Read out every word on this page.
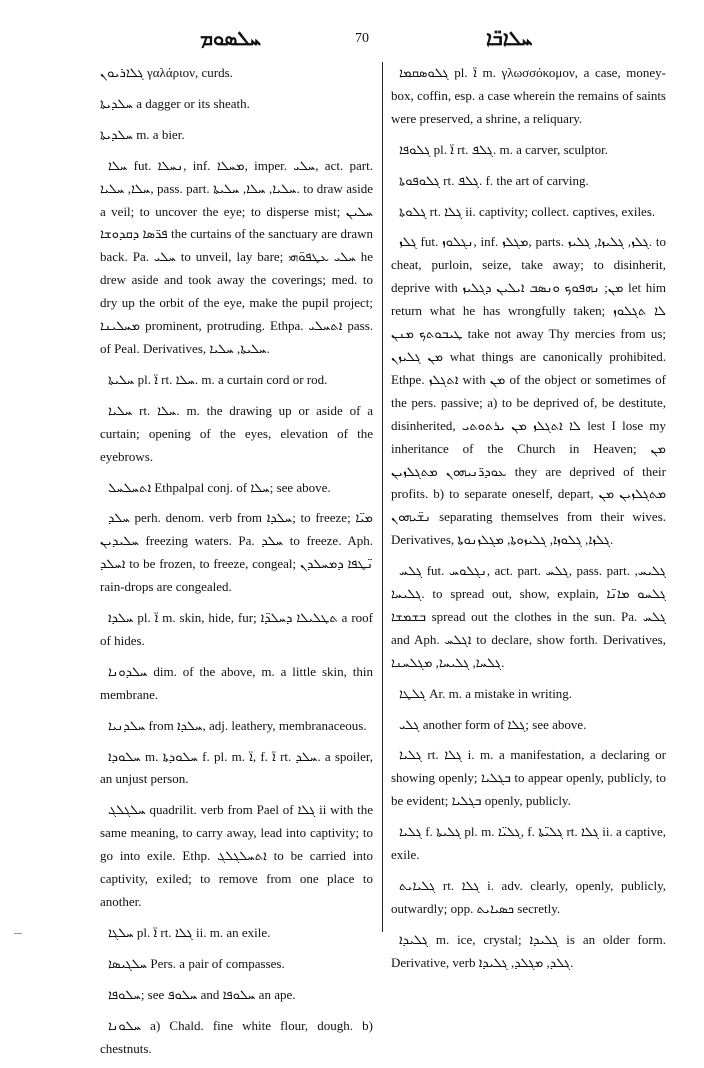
ܚܠܣܘܡ	70	ܚܠܐܒ̈ܐ

ܓܠܐܪܝܘܢ γαλάριον, curds.

ܚܠܕܝܬܐ a dagger or its sheath.

ܚܠܕܝܬܐ m. a bier.

ܚܠܐ fut. ܢܚܠܐ, inf. ܡܚܠܐ, imper. ܚܠܝ, act. part. ܚܠܐ, ܚܠܝܐ, pass. part. ܚܠܝܐ, ܚܠܐ, ܚܠܝܬܐ. to draw aside a veil; to uncover the eye; to disperse mist; ܚܠܝܢ ܦܪ̈ܣܐ ܕܩܕܘܫܐ the curtains of the sanctuary are drawn back. Pa. ܚܠܝ to unveil, lay bare; ܚܠܝ ܥܛܦܘ̈ܗܝ he drew aside and took away the coverings; med. to dry up the orbit of the eye, make the pupil project; ܡܚܠܝܢܐ prominent, protruding. Ethpa. ܐܬܚܠܝ pass. of Peal. Derivatives, ܚܠܝܬܐ, ܚܠܝܐ.

ܚܠܝܬܐ pl. ܐ̈ rt. ܚܠܐ. m. a curtain cord or rod.

ܚܠܝܐ rt. ܚܠܐ. m. the drawing up or aside of a curtain; opening of the eyes, elevation of the eyebrows.

ܐܬܚܠܚܠ Ethpalpal conj. of ܚܠܐ; see above.

ܚܠܕ perh. denom. verb from ܚܠܕܐ; to freeze; ܡܝ̈ܐ ܚܠܝܕܝܢ freezing waters. Pa. ܚܠܕ to freeze. Aph. ܐܚܠܕ to be frozen, to freeze, congeal; ܢ̈ܛܦܐ ܕܡܚܠܕܢ rain-drops are congealed.

ܚܠܕܐ pl. ܐ̈ m. skin, hide, fur; ܬܛܠܝܠܐ ܕܚܠܕ̈ܐ a roof of hides.

ܚܠܕܘܢܐ dim. of the above, m. a little skin, thin membrane.

ܚܠܕܢܝܐ from ܚܠܕܐ, adj. leathery, membranaceous.

ܚܠܘܕܐ m. ܚܠܘܕܬܐ f. pl. m. ܐ̈, f. ܐ̈ rt. ܚܠܕ. a spoiler, an unjust person.

ܚܠܓܠܓ quadrilit. verb from Pael of ܓܠܐ ii with the same meaning, to carry away, lead into captivity; to go into exile. Ethp. ܐܬܚܠܓܠܓ to be carried into captivity, exiled; to remove from one place to another.

ܚܠܓܐ pl. ܐ̈ rt. ܓܠܐ ii. m. an exile.

ܚܠܓܝܣܐ Pers. a pair of compasses.

ܚܠܘܦܐ; see ܚܠܘܦ and ܚܠܘܦܐ an ape.

ܚܠܘܢܐ a) Chald. fine white flour, dough. b) chestnuts.

ܓܠܘܣܩܡܐ pl. ܐ̈ m. γλωσσόκομον, a case, money-box, coffin, esp. a case wherein the remains of saints were preserved, a shrine, a reliquary.

ܓܠܘܦܐ pl. ܐ̈ rt. ܓܠܦ. m. a carver, sculptor.

ܓܠܘܦܘܬܐ rt. ܓܠܦ. f. the art of carving.

ܓܠܘܬܐ rt. ܓܠܐ ii. captivity; collect. captives, exiles.

ܓܠܙ fut. ܢܓܠܘܙ, inf. ܡܓܠܙ, parts. ܓܠܙ, ܓܠܝܙܐ, ܓܠܝܙ. to cheat, purloin, seize, take away; to disinherit, deprive with ܡܢ; ܢܗܦܘܟ ܘܢܣܒ ܐܝܠܝܢ ܕܓܠܝܙ let him return what he has wrongfully taken; ܠܐ ܬܓܠܘܙ ܛܝܒܘܬܟ ܡܢܢ take not away Thy mercies from us; ܡܢ ܓܠܝܙܢ what things are canonically prohibited. Ethpe. ܐܬܓܠܙ with ܡܢ of the object or sometimes of the pers. passive; a) to be deprived of, be destitute, disinherited, ܠܐ ܐܬܓܠܙ ܡܢ ܝܪܬܘܬܝ lest I lose my inheritance of the Church in Heaven; ܡܢ ܥܘܕܪ̈ܢܝܗܘܢ ܡܬܓܠܙܝܢ they are deprived of their profits. b) to separate oneself, depart, ܡܬܓܠܙܝܢ ܡܢ ܢܫ̈ܝܗܘܢ separating themselves from their wives. Derivatives, ܓܠܙܐ, ܓܠܘܙܐ, ܓܠܝܙܘܬܐ, ܡܓܠܙܢܘܬܐ.

ܓܠܚ fut. ܢܓܠܘܚ, act. part. ܓܠܚ, pass. part. ܓܠܝܚ, ܓܠܝܚܐ. to spread out, show, explain, ܓܠܚܘ ܡܐܢ̈ܐ ܒܫܡܫܐ spread out the clothes in the sun. Pa. ܓܠܚ and Aph. ܐܓܠܚ to declare, show forth. Derivatives, ܓܠܚܐ, ܓܠܝܚܐ, ܡܓܠܚܢܐ.

ܓܠܛܐ Ar. m. a mistake in writing.

ܓܠܝ another form of ܓܠܐ; see above.

ܓܠܝܐ rt. ܓܠܐ i. m. a manifestation, a declaring or showing openly; ܒܓܠܝܐ to appear openly, publicly, to be evident; ܒܓܠܝܐ openly, publicly.

ܓܠܝܐ f. ܓܠܝܬܐ pl. m. ܓܠܝ̈ܐ, f. ܓܠܝ̈ܬܐ rt. ܓܠܐ ii. a captive, exile.

ܓܠܝܐܝܬ rt. ܓܠܐ i. adv. clearly, openly, publicly, outwardly; opp. ܟܣܝܐܝܬ secretly.

ܓܠܝܕܐ m. ice, crystal; ܓܠܝܕܐ is an older form. Derivative, verb ܓܠܕ, ܡܓܠܕ, ܓܠܝܕܐ.
